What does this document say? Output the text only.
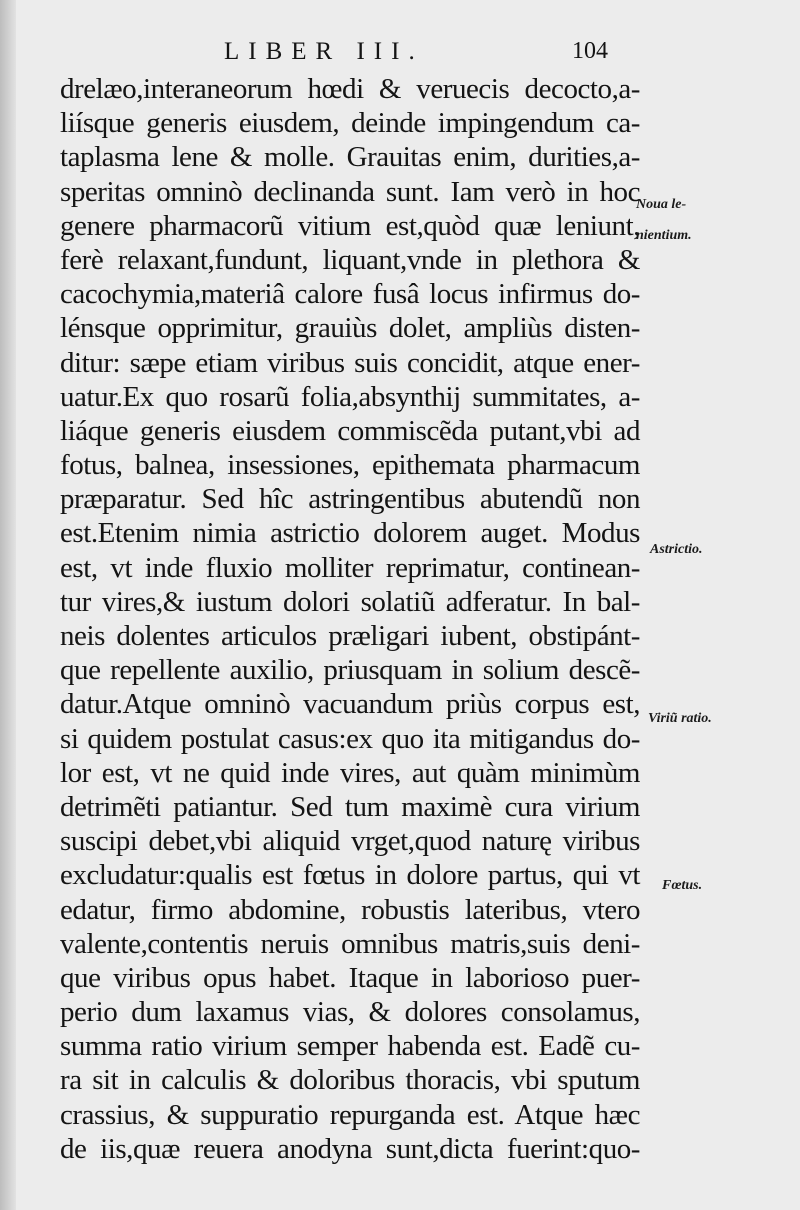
LIBER III.	104
drelæo,interaneorum hœdi & veruecis decocto,a-
liísque generis eiusdem, deinde impingendum ca-
taplasma lene & molle. Grauitas enim, durities,a-
speritas omninò declinanda sunt. Iam verò in hoc
genere pharmacorũ vitium est,quòd quæ leniunt,
ferè relaxant,fundunt, liquant,vnde in plethora &
cacochymia,materiâ calore fusâ locus infirmus do-
lénsque opprimitur, grauiùs dolet, ampliùs disten-
ditur: sæpe etiam viribus suis concidit, atque ener-
uatur.Ex quo rosarũ folia,absynthij summitates, a-
liáque generis eiusdem commiscẽda putant,vbi ad
fotus, balnea, insessiones, epithemata pharmacum
præparatur. Sed hîc astringentibus abutendũ non
est.Etenim nimia astrictio dolorem auget. Modus
est, vt inde fluxio molliter reprimatur, continean-
tur vires,& iustum dolori solatiũ adferatur. In bal-
neis dolentes articulos præligari iubent, obstipánt-
que repellente auxilio, priusquam in solium descẽ-
datur.Atque omninò vacuandum priùs corpus est,
si quidem postulat casus:ex quo ita mitigandus do-
lor est, vt ne quid inde vires, aut quàm minimùm
detrimẽti patiantur. Sed tum maximè cura virium
suscipi debet,vbi aliquid vrget,quod naturę viribus
excludatur:qualis est fœtus in dolore partus, qui vt
edatur, firmo abdomine, robustis lateribus, vtero
valente,contentis neruis omnibus matris,suis deni-
que viribus opus habet. Itaque in laborioso puer-
perio dum laxamus vias, & dolores consolamus,
summa ratio virium semper habenda est. Eadẽ cu-
ra sit in calculis & doloribus thoracis, vbi sputum
crassius, & suppuratio repurganda est. Atque hæc
de iis,quæ reuera anodyna sunt,dicta fuerint:quo-
Noua le-
nientium.
Astrictio.
Viriũ ratio.
Fœtus.
